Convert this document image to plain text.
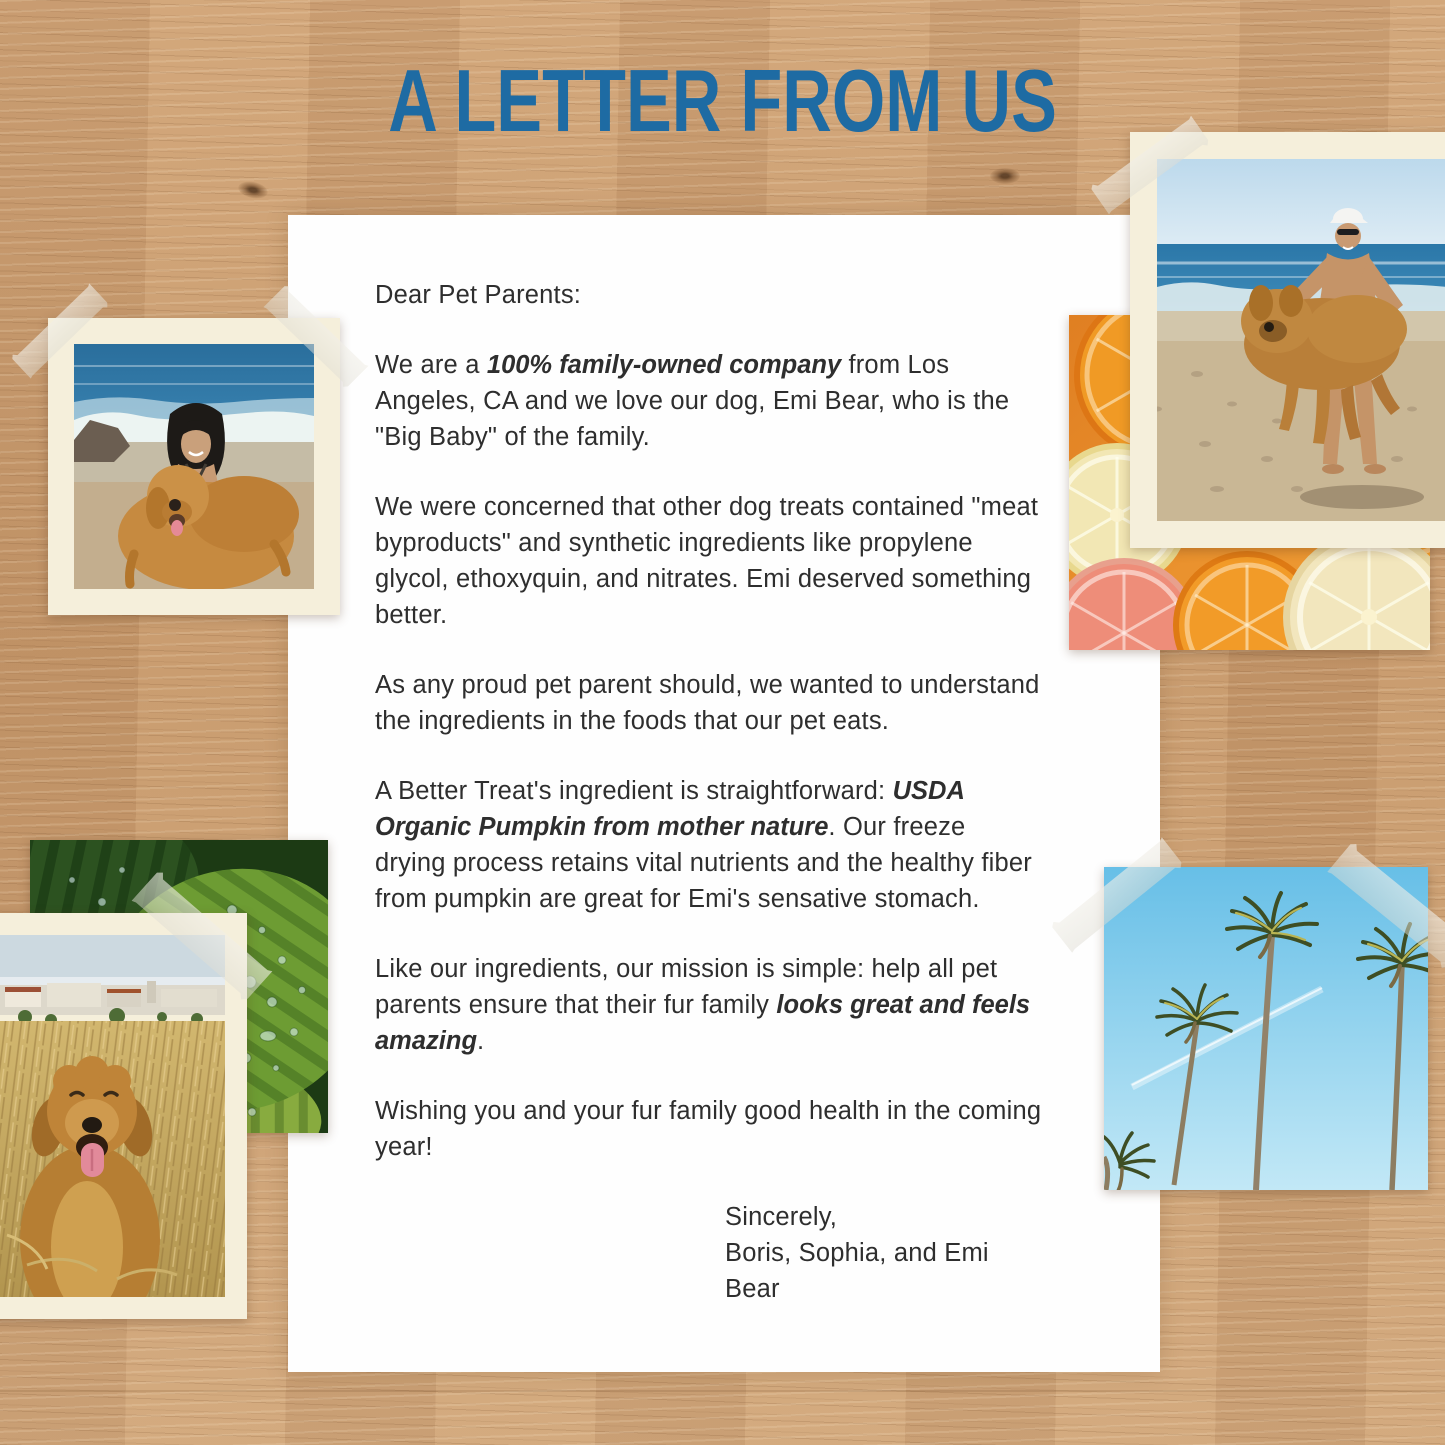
Dear Pet Parents:

We are a 100% family-owned company from Los Angeles, CA and we love our dog, Emi Bear, who is the "Big Baby" of the family.

We were concerned that other dog treats contained "meat byproducts" and synthetic ingredients like propylene glycol, ethoxyquin, and nitrates. Emi deserved something better.

As any proud pet parent should, we wanted to understand the ingredients in the foods that our pet eats.

A Better Treat's ingredient is straightforward: USDA Organic Pumpkin from mother nature. Our freeze drying process retains vital nutrients and the healthy fiber from pumpkin are great for Emi's sensative stomach.

Like our ingredients, our mission is simple: help all pet parents ensure that their fur family looks great and feels amazing.

Wishing you and your fur family good health in the coming year!

Sincerely,

Boris, Sophia, and Emi Bear

A LETTER FROM US
